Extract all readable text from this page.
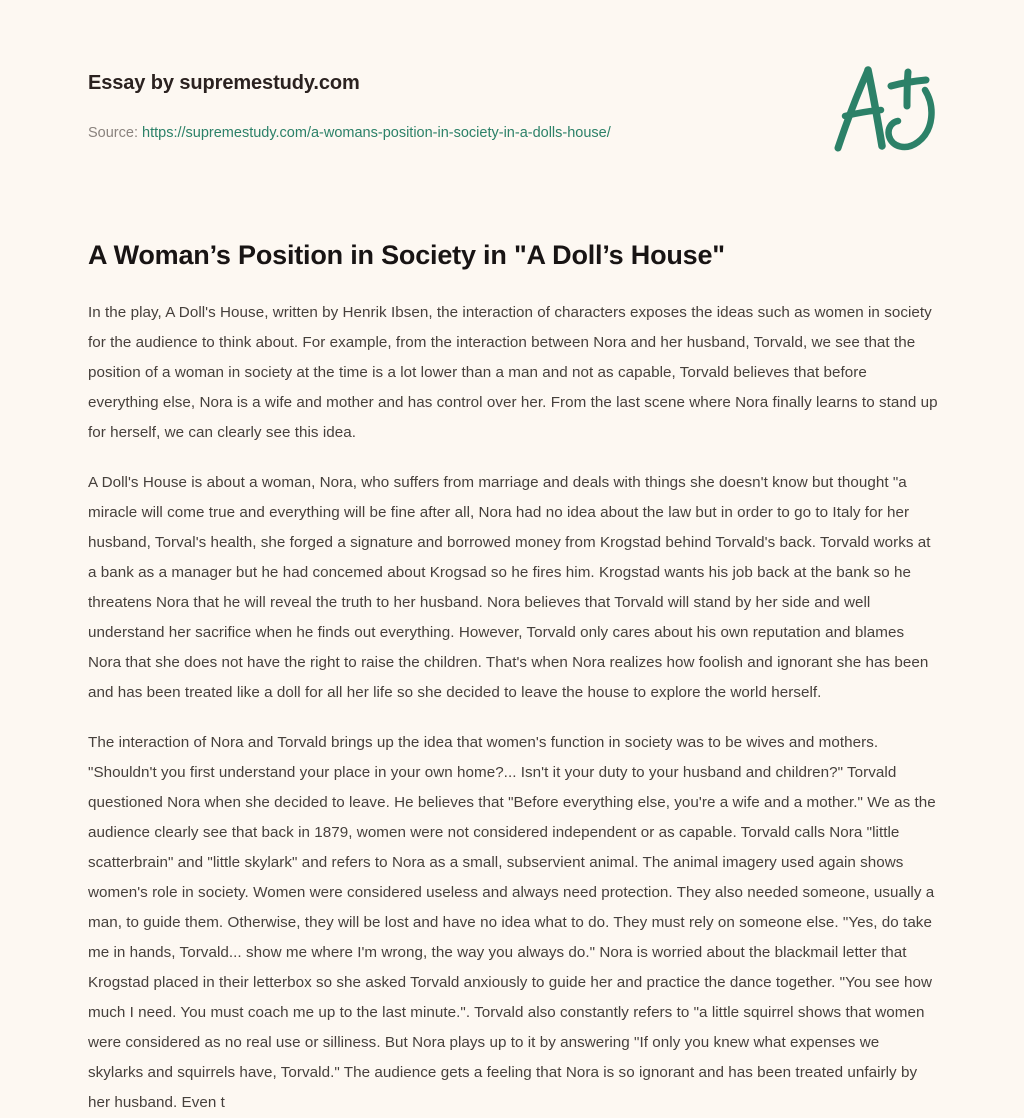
Essay by supremestudy.com
Source: https://supremestudy.com/a-womans-position-in-society-in-a-dolls-house/
A Woman’s Position in Society in "A Doll’s House"

In the play, A Doll's House, written by Henrik Ibsen, the interaction of characters exposes the ideas such as women in society for the audience to think about. For example, from the interaction between Nora and her husband, Torvald, we see that the position of a woman in society at the time is a lot lower than a man and not as capable, Torvald believes that before everything else, Nora is a wife and mother and has control over her. From the last scene where Nora finally learns to stand up for herself, we can clearly see this idea.

A Doll's House is about a woman, Nora, who suffers from marriage and deals with things she doesn't know but thought "a miracle will come true and everything will be fine after all, Nora had no idea about the law but in order to go to Italy for her husband, Torval's health, she forged a signature and borrowed money from Krogstad behind Torvald's back. Torvald works at a bank as a manager but he had concemed about Krogsad so he fires him. Krogstad wants his job back at the bank so he threatens Nora that he will reveal the truth to her husband. Nora believes that Torvald will stand by her side and well understand her sacrifice when he finds out everything. However, Torvald only cares about his own reputation and blames Nora that she does not have the right to raise the children. That's when Nora realizes how foolish and ignorant she has been and has been treated like a doll for all her life so she decided to leave the house to explore the world herself.

The interaction of Nora and Torvald brings up the idea that women's function in society was to be wives and mothers. "Shouldn't you first understand your place in your own home?... Isn't it your duty to your husband and children?" Torvald questioned Nora when she decided to leave. He believes that "Before everything else, you're a wife and a mother." We as the audience clearly see that back in 1879, women were not considered independent or as capable. Torvald calls Nora "little scatterbrain" and "little skylark" and refers to Nora as a small, subservient animal. The animal imagery used again shows women's role in society. Women were considered useless and always need protection. They also needed someone, usually a man, to guide them. Otherwise, they will be lost and have no idea what to do. They must rely on someone else. "Yes, do take me in hands, Torvald... show me where I'm wrong, the way you always do." Nora is worried about the blackmail letter that Krogstad placed in their letterbox so she asked Torvald anxiously to guide her and practice the dance together. "You see how much I need. You must coach me up to the last minute.". Torvald also constantly refers to "a little squirrel shows that women were considered as no real use or silliness. But Nora plays up to it by answering "If only you knew what expenses we skylarks and squirrels have, Torvald." The audience gets a feeling that Nora is so ignorant and has been treated unfairly by her husband. Even t
